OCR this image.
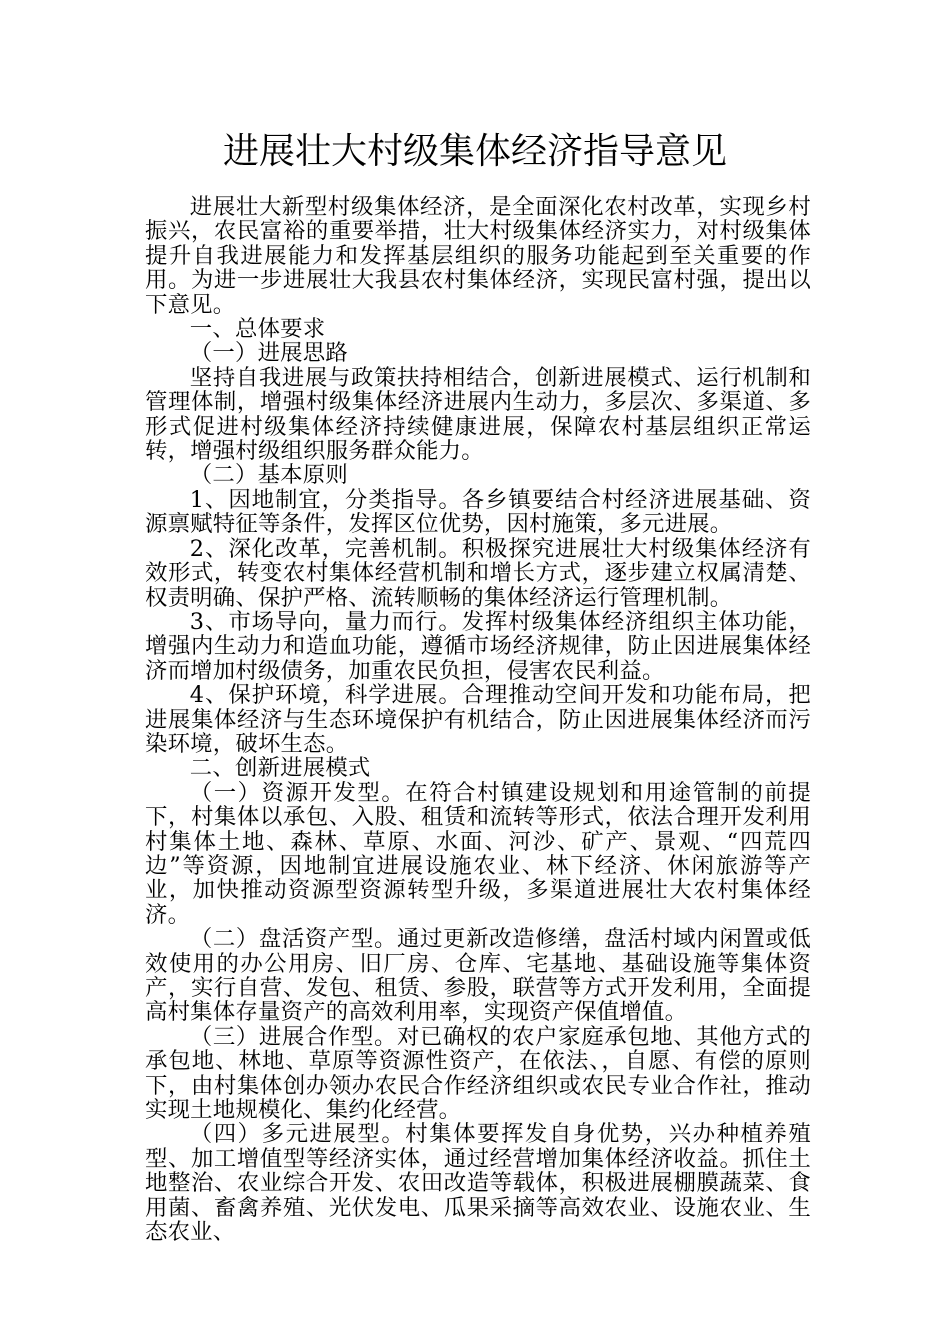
进展壮大村级集体经济指导意见

进展壮大新型村级集体经济，是全面深化农村改革，实现乡村振兴，农民富裕的重要举措，壮大村级集体经济实力，对村级集体提升自我进展能力和发挥基层组织的服务功能起到至关重要的作用。为进一步进展壮大我县农村集体经济，实现民富村强，提出以下意见。

一、总体要求

（一）进展思路

坚持自我进展与政策扶持相结合，创新进展模式、运行机制和管理体制，增强村级集体经济进展内生动力，多层次、多渠道、多形式促进村级集体经济持续健康进展，保障农村基层组织正常运转，增强村级组织服务群众能力。

（二）基本原则

1、因地制宜，分类指导。各乡镇要结合村经济进展基础、资源禀赋特征等条件，发挥区位优势，因村施策，多元进展。

2、深化改革，完善机制。积极探究进展壮大村级集体经济有效形式，转变农村集体经营机制和增长方式，逐步建立权属清楚、权责明确、保护严格、流转顺畅的集体经济运行管理机制。

3、市场导向，量力而行。发挥村级集体经济组织主体功能，增强内生动力和造血功能，遵循市场经济规律，防止因进展集体经济而增加村级债务，加重农民负担，侵害农民利益。

4、保护环境，科学进展。合理推动空间开发和功能布局，把进展集体经济与生态环境保护有机结合，防止因进展集体经济而污染环境，破坏生态。

二、创新进展模式

（一）资源开发型。在符合村镇建设规划和用途管制的前提下，村集体以承包、入股、租赁和流转等形式，依法合理开发利用村集体土地、森林、草原、水面、河沙、矿产、景观、“四荒四边”等资源，因地制宜进展设施农业、林下经济、休闲旅游等产业，加快推动资源型资源转型升级，多渠道进展壮大农村集体经济。

（二）盘活资产型。通过更新改造修缮，盘活村域内闲置或低效使用的办公用房、旧厂房、仓库、宅基地、基础设施等集体资产，实行自营、发包、租赁、参股，联营等方式开发利用，全面提高村集体存量资产的高效利用率，实现资产保值增值。

（三）进展合作型。对已确权的农户家庭承包地、其他方式的承包地、林地、草原等资源性资产，在依法、，自愿、有偿的原则下，由村集体创办领办农民合作经济组织或农民专业合作社，推动实现土地规模化、集约化经营。

（四）多元进展型。村集体要挥发自身优势，兴办种植养殖型、加工增值型等经济实体，通过经营增加集体经济收益。抓住土地整治、农业综合开发、农田改造等载体，积极进展棚膜蔬菜、食用菌、畜禽养殖、光伏发电、瓜果采摘等高效农业、设施农业、生态农业、
